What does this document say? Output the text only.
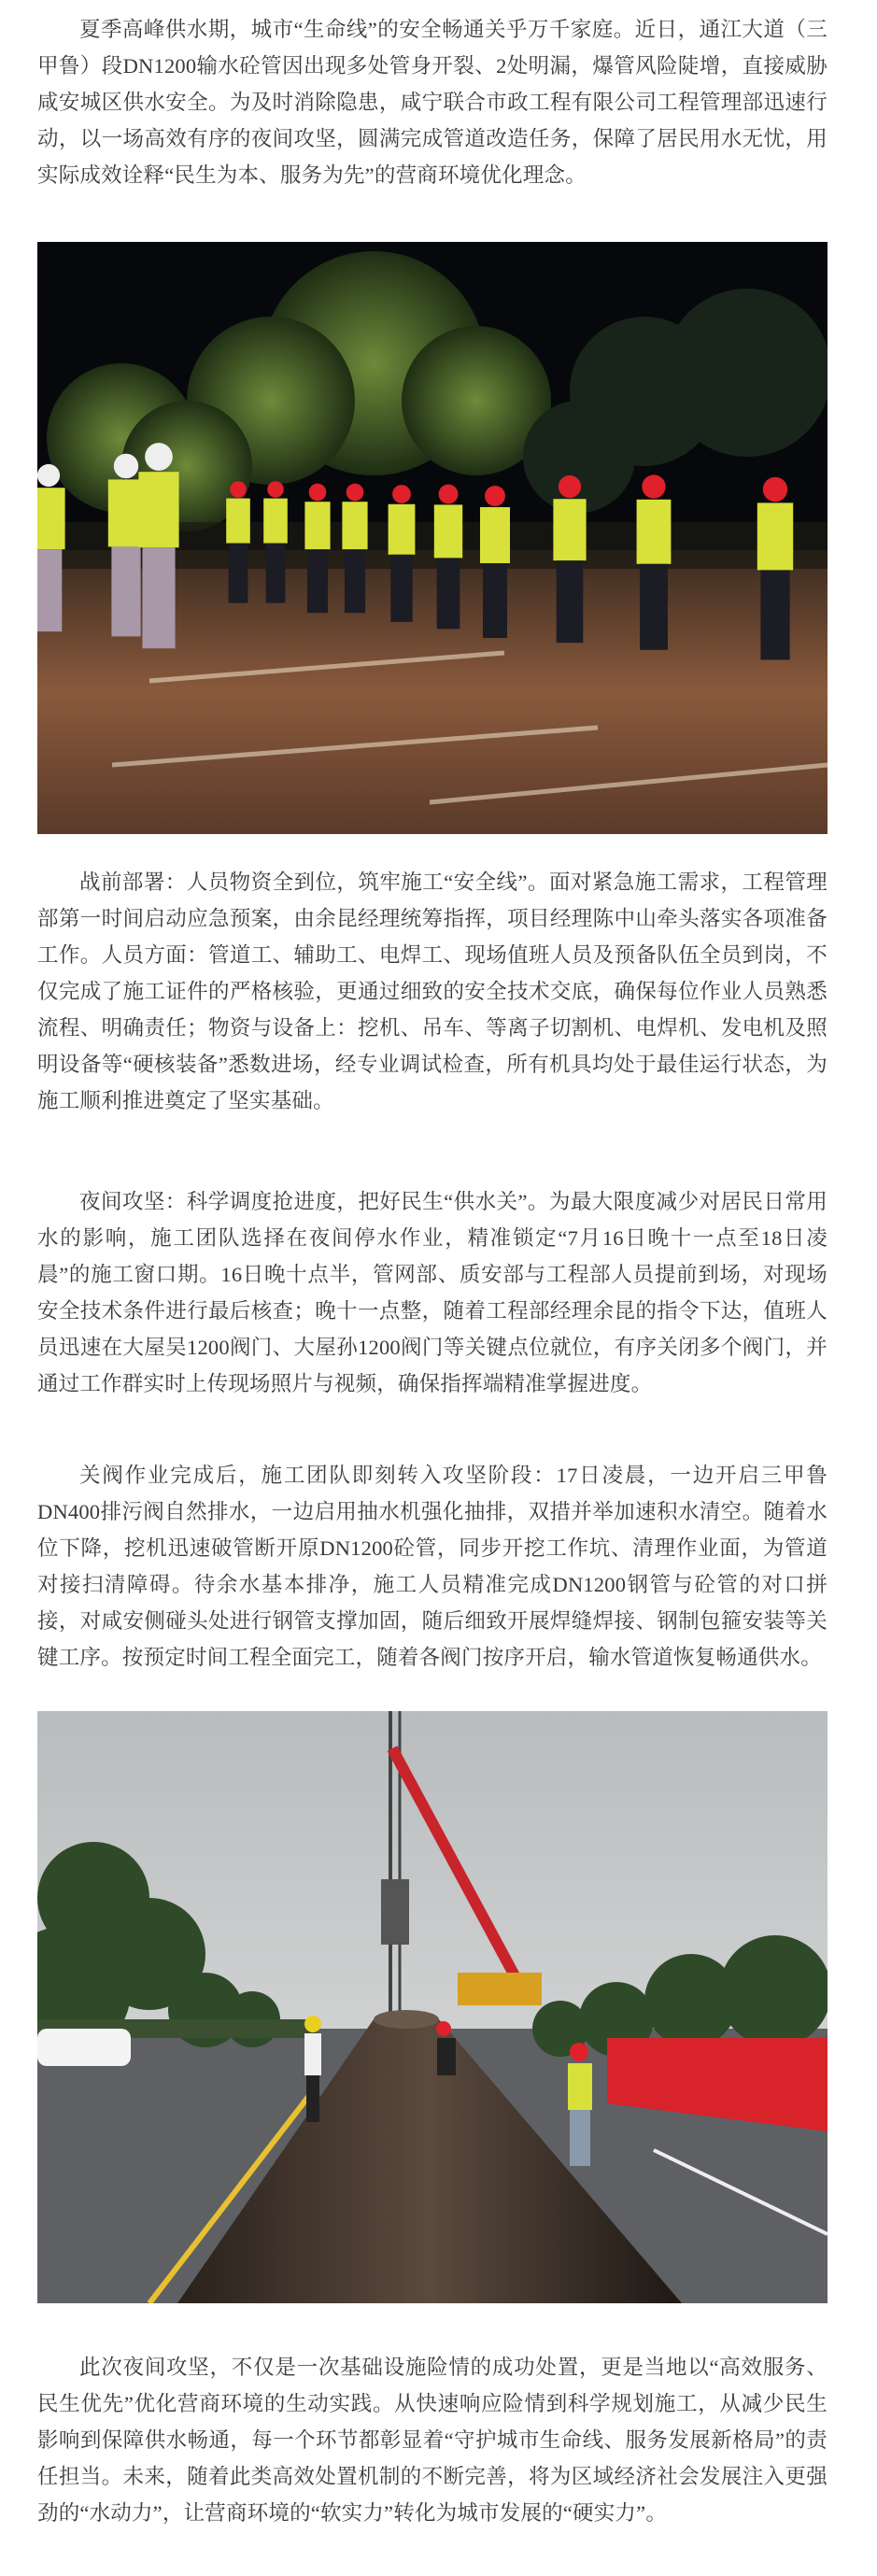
夏季高峰供水期，城市“生命线”的安全畅通关乎万千家庭。近日，通江大道（三甲鲁）段DN1200输水砼管因出现多处管身开裂、2处明漏，爆管风险陡增，直接威胁咸安城区供水安全。为及时消除隐患，咸宁联合市政工程有限公司工程管理部迅速行动，以一场高效有序的夜间攻坚，圆满完成管道改造任务，保障了居民用水无忧，用实际成效诠释“民生为本、服务为先”的营商环境优化理念。

战前部署：人员物资全到位，筑牢施工“安全线”。面对紧急施工需求，工程管理部第一时间启动应急预案，由余昆经理统筹指挥，项目经理陈中山牵头落实各项准备工作。人员方面：管道工、辅助工、电焊工、现场值班人员及预备队伍全员到岗，不仅完成了施工证件的严格核验，更通过细致的安全技术交底，确保每位作业人员熟悉流程、明确责任；物资与设备上：挖机、吊车、等离子切割机、电焊机、发电机及照明设备等“硬核装备”悉数进场，经专业调试检查，所有机具均处于最佳运行状态，为施工顺利推进奠定了坚实基础。

夜间攻坚：科学调度抢进度，把好民生“供水关”。为最大限度减少对居民日常用水的影响，施工团队选择在夜间停水作业，精准锁定“7月16日晚十一点至18日凌晨”的施工窗口期。16日晚十点半，管网部、质安部与工程部人员提前到场，对现场安全技术条件进行最后核查；晚十一点整，随着工程部经理余昆的指令下达，值班人员迅速在大屋吴1200阀门、大屋孙1200阀门等关键点位就位，有序关闭多个阀门，并通过工作群实时上传现场照片与视频，确保指挥端精准掌握进度。

关阀作业完成后，施工团队即刻转入攻坚阶段：17日凌晨，一边开启三甲鲁DN400排污阀自然排水，一边启用抽水机强化抽排，双措并举加速积水清空。随着水位下降，挖机迅速破管断开原DN1200砼管，同步开挖工作坑、清理作业面，为管道对接扫清障碍。待余水基本排净，施工人员精准完成DN1200钢管与砼管的对口拼接，对咸安侧碰头处进行钢管支撑加固，随后细致开展焊缝焊接、钢制包箍安装等关键工序。按预定时间工程全面完工，随着各阀门按序开启，输水管道恢复畅通供水。

此次夜间攻坚，不仅是一次基础设施险情的成功处置，更是当地以“高效服务、民生优先”优化营商环境的生动实践。从快速响应险情到科学规划施工，从减少民生影响到保障供水畅通，每一个环节都彰显着“守护城市生命线、服务发展新格局”的责任担当。未来，随着此类高效处置机制的不断完善，将为区域经济社会发展注入更强劲的“水动力”，让营商环境的“软实力”转化为城市发展的“硬实力”。
